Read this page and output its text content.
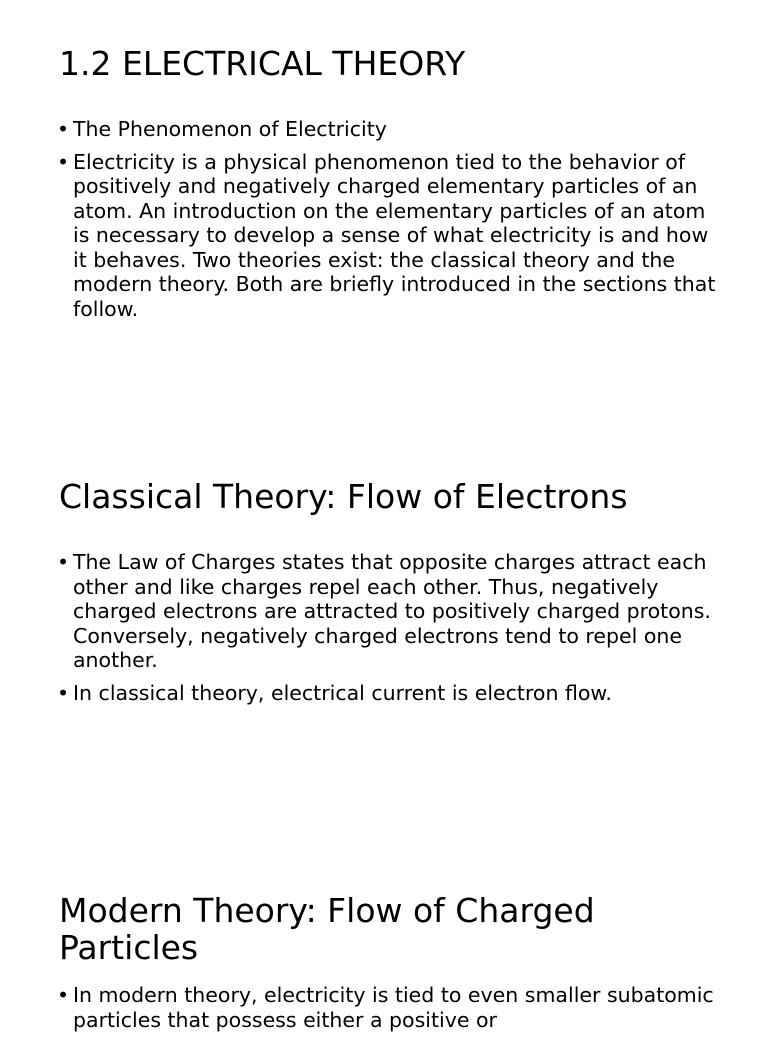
1.2 ELECTRICAL THEORY
• The Phenomenon of Electricity
• Electricity is a physical phenomenon tied to the behavior of positively and negatively charged elementary particles of an atom. An introduction on the elementary particles of an atom is necessary to develop a sense of what electricity is and how it behaves. Two theories exist: the classical theory and the modern theory. Both are briefly introduced in the sections that follow.
Classical Theory: Flow of Electrons
• The Law of Charges states that opposite charges attract each other and like charges repel each other. Thus, negatively charged electrons are attracted to positively charged protons. Conversely, negatively charged electrons tend to repel one another.
• In classical theory, electrical current is electron flow.
Modern Theory: Flow of Charged Particles
• In modern theory, electricity is tied to even smaller subatomic particles that possess either a positive or
